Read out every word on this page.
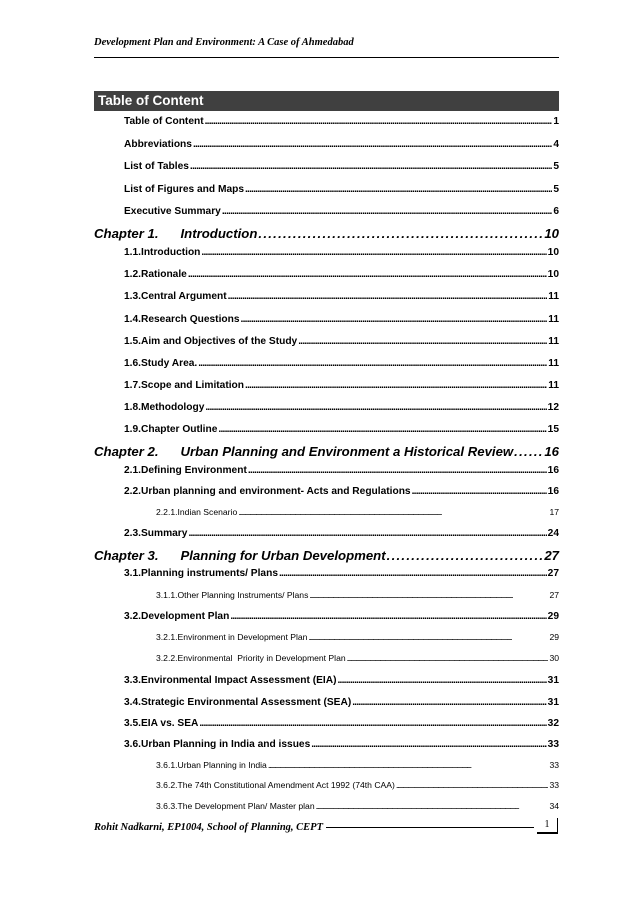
Development Plan and Environment: A Case of Ahmedabad
Table of Content
Table of Content . . .	1
Abbreviations . . .	4
List of Tables . . .	5
List of Figures and Maps . . .	5
Executive Summary . . .	6
Chapter 1.      Introduction . . .	10
1.1.Introduction . . .	10
1.2.Rationale . . .	10
1.3.Central Argument . . .	11
1.4.Research Questions . . .	11
1.5.Aim and Objectives of the Study . . .	11
1.6.Study Area. . . .	11
1.7.Scope and Limitation . . .	11
1.8.Methodology . . .	12
1.9.Chapter Outline . . .	15
Chapter 2.      Urban Planning and Environment a Historical Review . . . 16
2.1.Defining Environment . . .	16
2.2.Urban planning and environment- Acts and Regulations . . .	16
2.2.1.Indian Scenario . . .	17
2.3.Summary . . .	24
Chapter 3.      Planning for Urban Development . . .	27
3.1.Planning instruments/ Plans . . .	27
3.1.1.Other Planning Instruments/ Plans . . .	27
3.2.Development Plan . . .	29
3.2.1.Environment in Development Plan . . .	29
3.2.2.Environmental  Priority in Development Plan . . .	30
3.3.Environmental Impact Assessment (EIA) . . .	31
3.4.Strategic Environmental Assessment (SEA) . . .	31
3.5.EIA vs. SEA . . .	32
3.6.Urban Planning in India and issues . . .	33
3.6.1.Urban Planning in India . . .	33
3.6.2.The 74th Constitutional Amendment Act 1992 (74th CAA) . . .	33
3.6.3.The Development Plan/ Master plan . . .	34
Rohit Nadkarni, EP1004, School of Planning, CEPT	1
